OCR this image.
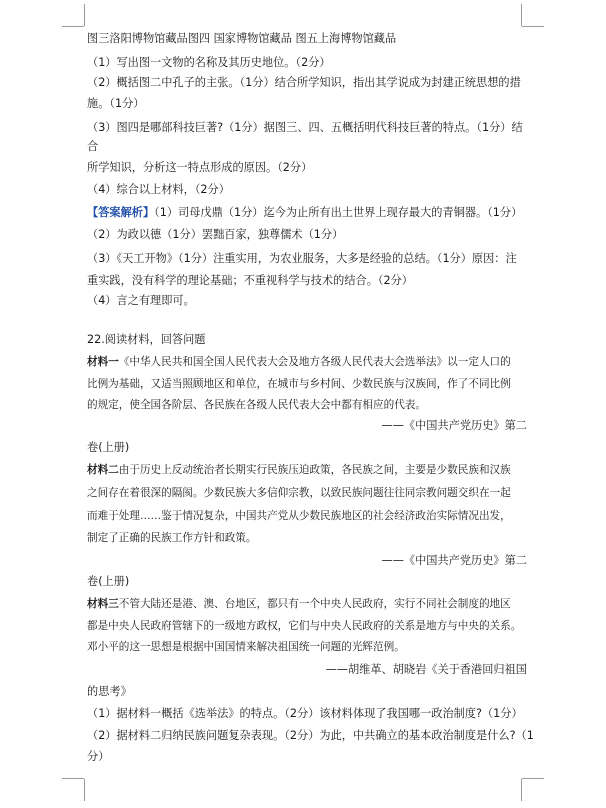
图三洛阳博物馆藏品图四 国家博物馆藏品 图五上海博物馆藏品
（1）写出图一文物的名称及其历史地位。（2分）
（2）概括图二中孔子的主张。（1分）结合所学知识，指出其学说成为封建正统思想的措
施。（1分）
（3）图四是哪部科技巨著?（1分）据图三、四、五概括明代科技巨著的特点。（1分）结
合
所学知识，分析这一特点形成的原因。（2分）
（4）综合以上材料，（2分）
【答案解析】（1）司母戊鼎（1分）迄今为止所有出土世界上现存最大的青铜器。（1分）
（2）为政以德（1分）罢黜百家，独尊儒术（1分）
（3）《天工开物》（1分）注重实用，为农业服务，大多是经验的总结。（1分）原因：注
重实践，没有科学的理论基础；不重视科学与技术的结合。（2分）
（4）言之有理即可。
22.阅读材料，回答问题
材料一《中华人民共和国全国人民代表大会及地方各级人民代表大会选举法》以一定人口的
比例为基础，又适当照顾地区和单位，在城市与乡村间、少数民族与汉族间，作了不同比例
的规定，使全国各阶层、各民族在各级人民代表大会中都有相应的代表。
——《中国共产党历史》第二
卷(上册)
材料二由于历史上反动统治者长期实行民族压迫政策，各民族之间，主要是少数民族和汉族
之间存在着很深的隔阂。少数民族大多信仰宗教，以致民族问题往往同宗教问题交织在一起
而难于处理……鉴于情况复杂，中国共产党从少数民族地区的社会经济政治实际情况出发，
制定了正确的民族工作方针和政策。
——《中国共产党历史》第二
卷(上册)
材料三不管大陆还是港、澳、台地区，都只有一个中央人民政府，实行不同社会制度的地区
都是中央人民政府管辖下的一级地方政权，它们与中央人民政府的关系是地方与中央的关系。
邓小平的这一思想是根据中国国情来解决祖国统一问题的光辉范例。
——胡维革、胡晓岩《关于香港回归祖国
的思考》
（1）据材料一概括《选举法》的特点。（2分）该材料体现了我国哪一政治制度?（1分）
（2）据材料二归纳民族问题复杂表现。（2分）为此，中共确立的基本政治制度是什么?（1
分）
